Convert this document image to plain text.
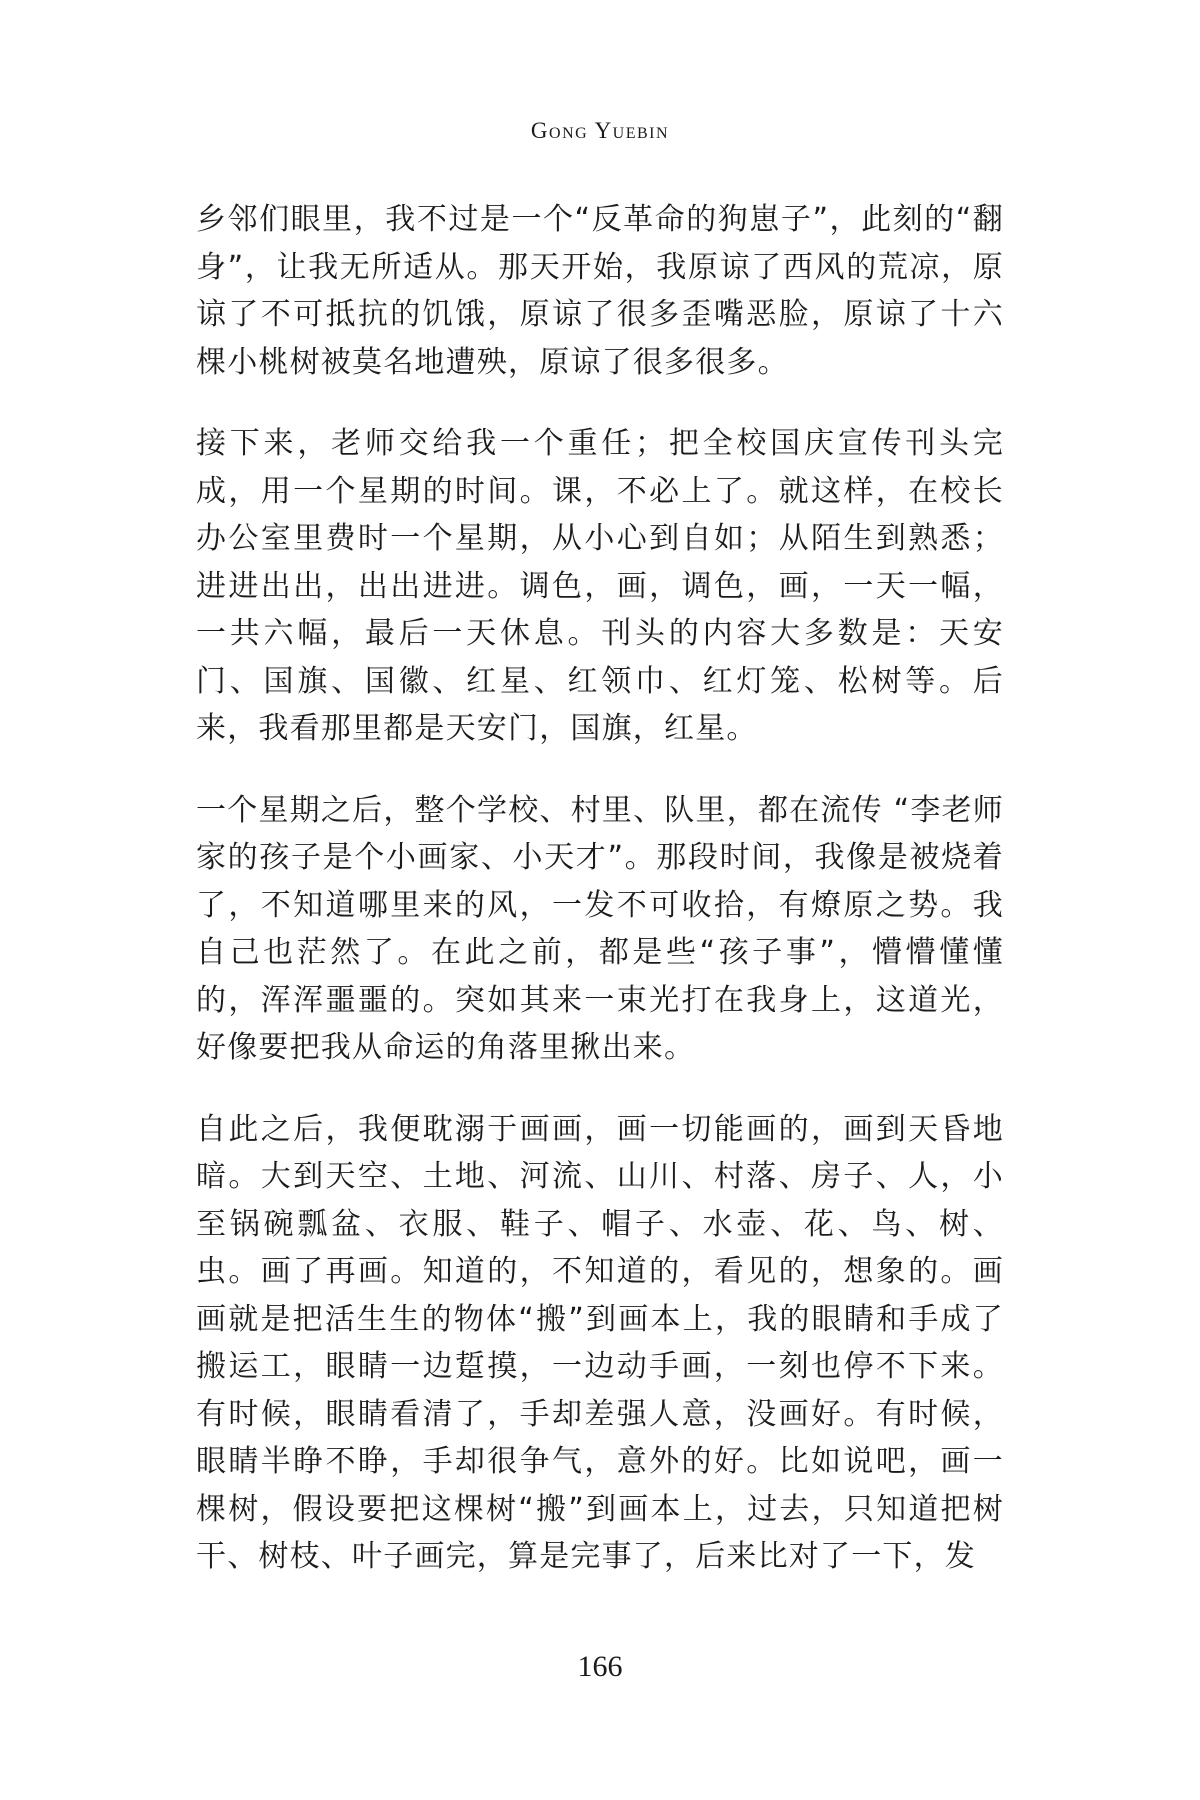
Gong Yuebin

乡邻们眼里，我不过是一个“反革命的狗崽子”，此刻的“翻身”，让我无所适从。那天开始，我原谅了西风的荒凉，原谅了不可抵抗的饥饿，原谅了很多歪嘴恶脸，原谅了十六棵小桃树被莫名地遭殃，原谅了很多很多。

接下来，老师交给我一个重任；把全校国庆宣传刊头完成，用一个星期的时间。课，不必上了。就这样，在校长办公室里费时一个星期，从小心到自如；从陌生到熟悉；进进出出，出出进进。调色，画，调色，画，一天一幅，一共六幅，最后一天休息。刊头的内容大多数是：天安门、国旗、国徽、红星、红领巾、红灯笼、松树等。后来，我看那里都是天安门，国旗，红星。

一个星期之后，整个学校、村里、队里，都在流传 “李老师家的孩子是个小画家、小天才”。那段时间，我像是被烧着了，不知道哪里来的风，一发不可收拾，有燎原之势。我自己也茫然了。在此之前，都是些“孩子事”，懵懵懂懂的，浑浑噩噩的。突如其来一束光打在我身上，这道光，好像要把我从命运的角落里揪出来。

自此之后，我便耽溺于画画，画一切能画的，画到天昏地暗。大到天空、土地、河流、山川、村落、房子、人，小至锅碗瓢盆、衣服、鞋子、帽子、水壶、花、鸟、树、虫。画了再画。知道的，不知道的，看见的，想象的。画画就是把活生生的物体“搬”到画本上，我的眼睛和手成了搬运工，眼睛一边踅摸，一边动手画，一刻也停不下来。有时候，眼睛看清了，手却差强人意，没画好。有时候，眼睛半睁不睁，手却很争气，意外的好。比如说吧，画一棵树，假设要把这棵树“搬”到画本上，过去，只知道把树干、树枝、叶子画完，算是完事了，后来比对了一下，发

166
